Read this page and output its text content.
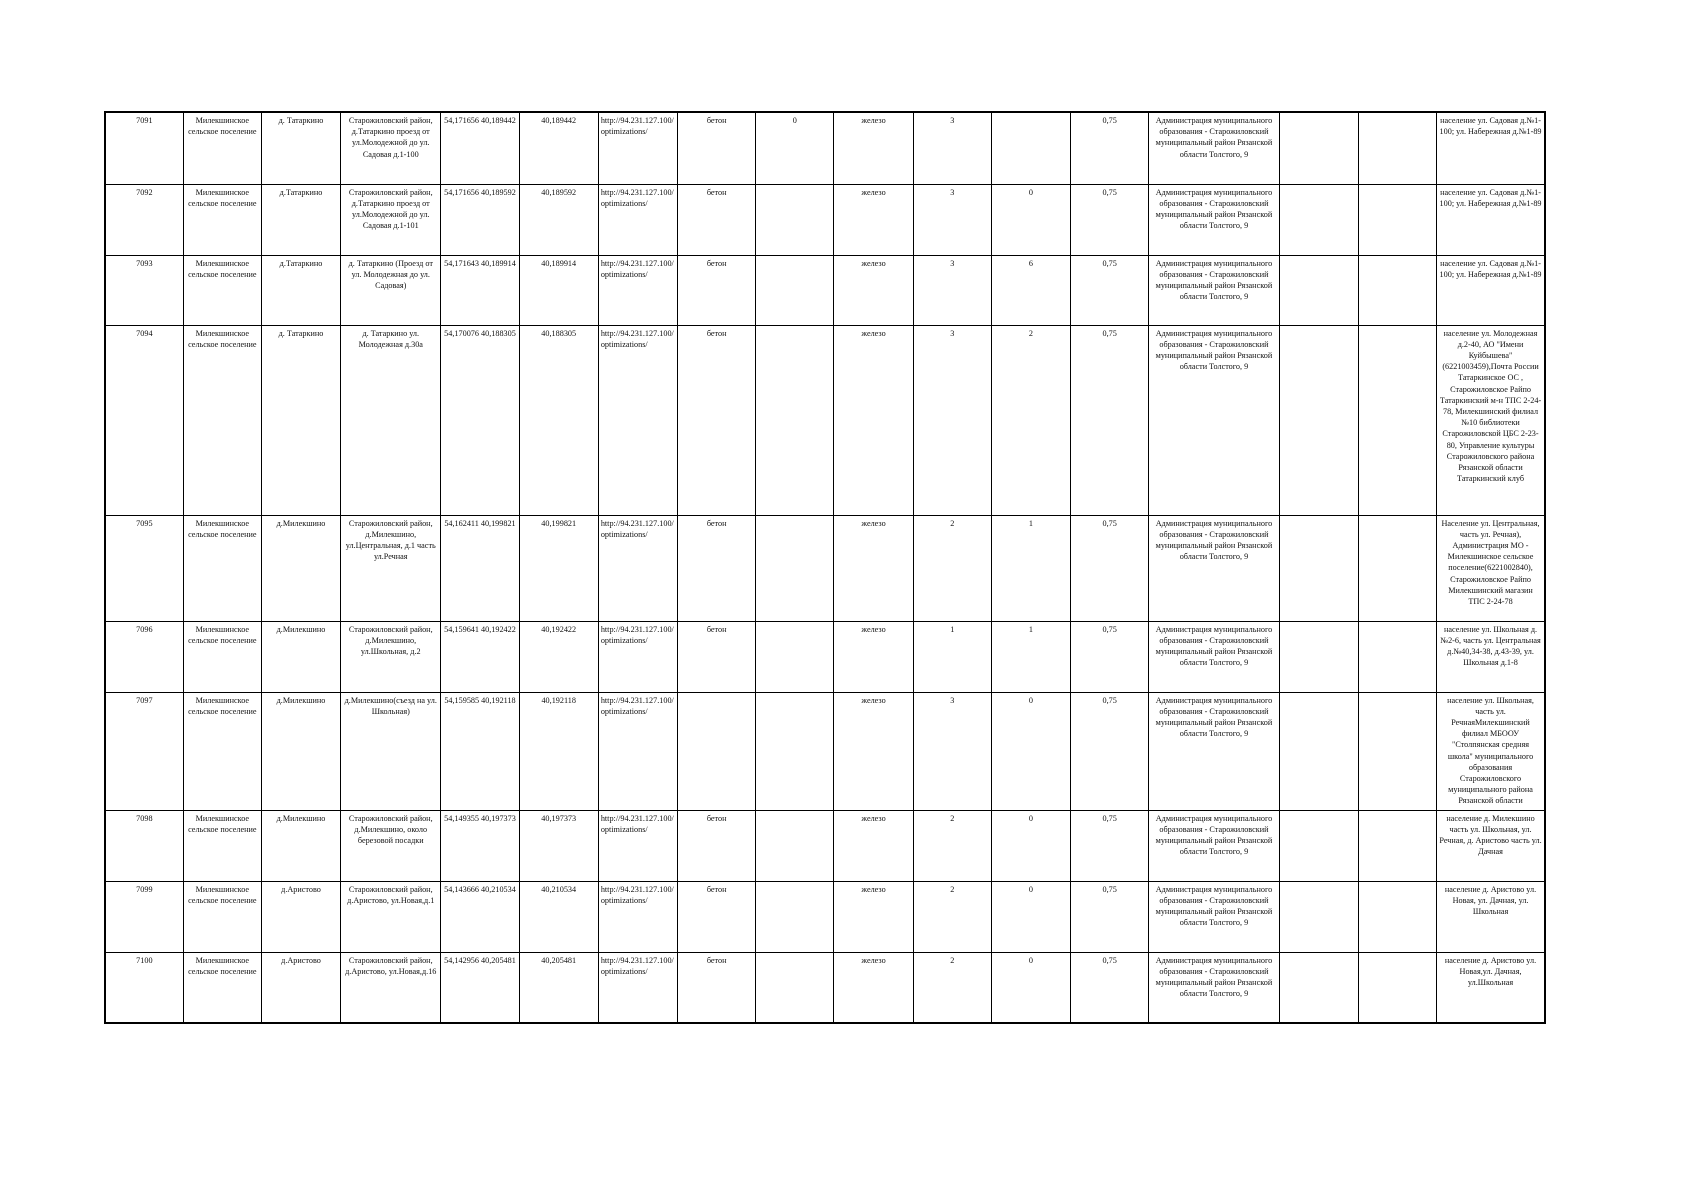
7091	Милекшинское сельское поселение	д. Татаркино	Старожиловский район, д.Татаркино проезд от ул.Молодежной до ул. Садовая д.1-100	54,171656 40,189442	40,189442	http://94.231.127.100/optimizations/	бетон	0	железо	3		0,75	Администрация муниципального образования - Старожиловский муниципальный район Рязанской области Толстого, 9			население ул. Садовая д.№1-100; ул. Набережная д.№1-89
7092	Милекшинское сельское поселение	д.Татаркино	Старожиловский район, д.Татаркино проезд от ул.Молодежной до ул. Садовая д.1-101	54,171656 40,189592	40,189592	http://94.231.127.100/optimizations/	бетон		железо	3	0	0,75	Администрация муниципального образования - Старожиловский муниципальный район Рязанской области Толстого, 9			население ул. Садовая д.№1-100; ул. Набережная д.№1-89
7093	Милекшинское сельское поселение	д.Татаркино	д. Татаркино (Проезд от ул. Молодежная до ул. Садовая)	54,171643 40,189914	40,189914	http://94.231.127.100/optimizations/	бетон		железо	3	6	0,75	Администрация муниципального образования - Старожиловский муниципальный район Рязанской области Толстого, 9			население ул. Садовая д.№1-100; ул. Набережная д.№1-89
7094	Милекшинское сельское поселение	д. Татаркино	д. Татаркино ул. Молодежная д.30а	54,170076 40,188305	40,188305	http://94.231.127.100/optimizations/	бетон		железо	3	2	0,75	Администрация муниципального образования - Старожиловский муниципальный район Рязанской области Толстого, 9			население ул. Молодежная д.2-40, АО "Имени Куйбышева" (6221003459),Почта России Татаркинское ОС , Старожиловское Райпо Татаркинский м-н ТПС 2-24-78, Милекшинский филиал №10 библиотеки Старожиловской ЦБС 2-23-80, Управление культуры Старожиловского района Рязанской области Татаркинский клуб
7095	Милекшинское сельское поселение	д.Милекшино	Старожиловский район, д.Милекшино, ул.Центральная, д.1 часть ул.Речная	54,162411 40,199821	40,199821	http://94.231.127.100/optimizations/	бетон		железо	2	1	0,75	Администрация муниципального образования - Старожиловский муниципальный район Рязанской области Толстого, 9			Население ул. Центральная, часть ул. Речная), Администрация МО - Милекшинское сельское поселение(6221002840), Старожиловское Райпо Милекшинский магазин ТПС 2-24-78
7096	Милекшинское сельское поселение	д.Милекшино	Старожиловский район, д.Милекшино, ул.Школьная, д.2	54,159641 40,192422	40,192422	http://94.231.127.100/optimizations/	бетон		железо	1	1	0,75	Администрация муниципального образования - Старожиловский муниципальный район Рязанской области Толстого, 9			население ул. Школьная д.№2-6, часть ул. Центральная д.№40,34-38, д.43-39, ул. Школьная д.1-8
7097	Милекшинское сельское поселение	д.Милекшино	д.Милекшино(съезд на ул. Школьная)	54,159585 40,192118	40,192118	http://94.231.127.100/optimizations/			железо	3	0	0,75	Администрация муниципального образования - Старожиловский муниципальный район Рязанской области Толстого, 9			население ул. Школьная, часть ул. РечнаяМилекшинский филиал МБООУ "Столпянская средняя школа" муниципального образования Старожиловского муниципального района Рязанской области
7098	Милекшинское сельское поселение	д.Милекшино	Старожиловский район, д.Милекшино, около березовой посадки	54,149355 40,197373	40,197373	http://94.231.127.100/optimizations/	бетон		железо	2	0	0,75	Администрация муниципального образования - Старожиловский муниципальный район Рязанской области Толстого, 9			население д. Милекшино часть ул. Школьная, ул. Речная, д. Аристово часть ул. Дачная
7099	Милекшинское сельское поселение	д.Аристово	Старожиловский район, д.Аристово, ул.Новая,д.1	54,143666 40,210534	40,210534	http://94.231.127.100/optimizations/	бетон		железо	2	0	0,75	Администрация муниципального образования - Старожиловский муниципальный район Рязанской области Толстого, 9			население д. Аристово ул. Новая, ул. Дачная, ул. Школьная
7100	Милекшинское сельское поселение	д.Аристово	Старожиловский район, д.Аристово, ул.Новая,д.16	54,142956 40,205481	40,205481	http://94.231.127.100/optimizations/	бетон		железо	2	0	0,75	Администрация муниципального образования - Старожиловский муниципальный район Рязанской области Толстого, 9			население д. Аристово ул. Новая,ул. Дачная, ул.Школьная
